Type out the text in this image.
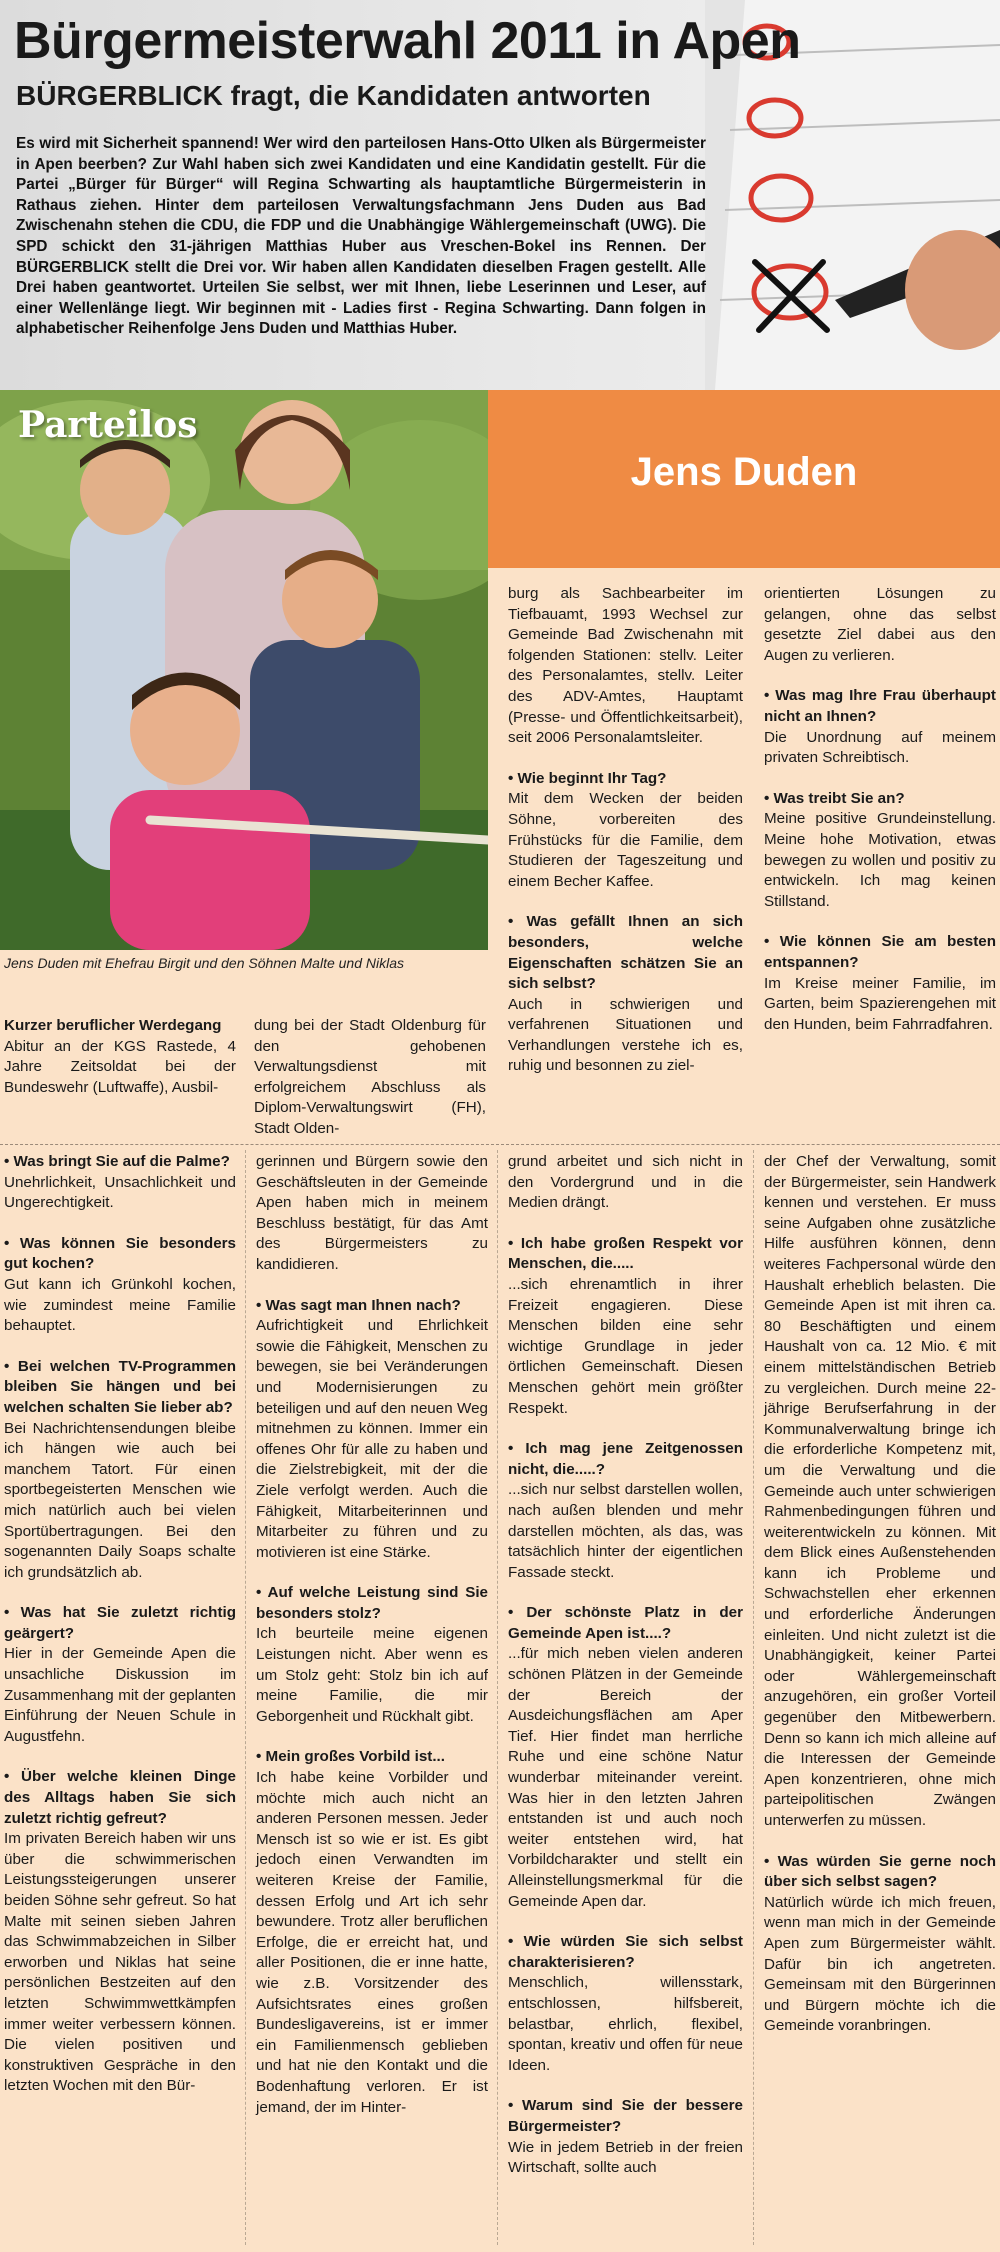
Bürgermeisterwahl 2011 in Apen
BÜRGERBLICK fragt, die Kandidaten antworten
Es wird mit Sicherheit spannend! Wer wird den parteilosen Hans-Otto Ulken als Bürgermeister in Apen beerben? Zur Wahl haben sich zwei Kandidaten und eine Kandidatin gestellt. Für die Partei „Bürger für Bürger“ will Regina Schwarting als hauptamtliche Bürgermeisterin in Rathaus ziehen. Hinter dem parteilosen Verwaltungsfachmann Jens Duden aus Bad Zwischenahn stehen die CDU, die FDP und die Unabhängige Wählergemeinschaft (UWG). Die SPD schickt den 31-jährigen Matthias Huber aus Vreschen-Bokel ins Rennen. Der BÜRGERBLICK stellt die Drei vor. Wir haben allen Kandidaten dieselben Fragen gestellt. Alle Drei haben geantwortet. Urteilen Sie selbst, wer mit Ihnen, liebe Leserinnen und Leser, auf einer Wellenlänge liegt. Wir beginnen mit - Ladies first - Regina Schwarting. Dann folgen in alphabetischer Reihenfolge Jens Duden und Matthias Huber.
Parteilos
Jens Duden mit Ehefrau Birgit und den Söhnen Malte und Niklas
Jens Duden

Kurzer beruflicher Werdegang
Abitur an der KGS Rastede, 4 Jahre Zeitsoldat bei der Bundeswehr (Luftwaffe), Ausbil-

dung bei der Stadt Oldenburg für den gehobenen Verwaltungsdienst mit erfolgreichem Abschluss als Diplom-Verwaltungswirt (FH), Stadt Olden-

burg als Sachbearbeiter im Tiefbauamt, 1993 Wechsel zur Gemeinde Bad Zwischenahn mit folgenden Stationen: stellv. Leiter des Personalamtes, stellv. Leiter des ADV-Amtes, Hauptamt (Presse- und Öffentlichkeitsarbeit), seit 2006 Personalamtsleiter.

• Wie beginnt Ihr Tag?
Mit dem Wecken der beiden Söhne, vorbereiten des Frühstücks für die Familie, dem Studieren der Tageszeitung und einem Becher Kaffee.

• Was gefällt Ihnen an sich besonders, welche Eigenschaften schätzen Sie an sich selbst?
Auch in schwierigen und verfahrenen Situationen und Verhandlungen verstehe ich es, ruhig und besonnen zu ziel-

orientierten Lösungen zu gelangen, ohne das selbst gesetzte Ziel dabei aus den Augen zu verlieren.

• Was mag Ihre Frau überhaupt nicht an Ihnen?
Die Unordnung auf meinem privaten Schreibtisch.

• Was treibt Sie an?
Meine positive Grundeinstellung. Meine hohe Motivation, etwas bewegen zu wollen und positiv zu entwickeln. Ich mag keinen Stillstand.

• Wie können Sie am besten entspannen?
Im Kreise meiner Familie, im Garten, beim Spazierengehen mit den Hunden, beim Fahrradfahren.

• Was bringt Sie auf die Palme?
Unehrlichkeit, Unsachlichkeit und Ungerechtigkeit.

• Was können Sie besonders gut kochen?
Gut kann ich Grünkohl kochen, wie zumindest meine Familie behauptet.

• Bei welchen TV-Programmen bleiben Sie hängen und bei welchen schalten Sie lieber ab?
Bei Nachrichtensendungen bleibe ich hängen wie auch bei manchem Tatort. Für einen sportbegeisterten Menschen wie mich natürlich auch bei vielen Sportübertragungen. Bei den sogenannten Daily Soaps schalte ich grundsätzlich ab.

• Was hat Sie zuletzt richtig geärgert?
Hier in der Gemeinde Apen die unsachliche Diskussion im Zusammenhang mit der geplanten Einführung der Neuen Schule in Augustfehn.

• Über welche kleinen Dinge des Alltags haben Sie sich zuletzt richtig gefreut?
Im privaten Bereich haben wir uns über die schwimmerischen Leistungssteigerungen unserer beiden Söhne sehr gefreut. So hat Malte mit seinen sieben Jahren das Schwimmabzeichen in Silber erworben und Niklas hat seine persönlichen Bestzeiten auf den letzten Schwimmwettkämpfen immer weiter verbessern können. Die vielen positiven und konstruktiven Gespräche in den letzten Wochen mit den Bür-

gerinnen und Bürgern sowie den Geschäftsleuten in der Gemeinde Apen haben mich in meinem Beschluss bestätigt, für das Amt des Bürgermeisters zu kandidieren.

• Was sagt man Ihnen nach?
Aufrichtigkeit und Ehrlichkeit sowie die Fähigkeit, Menschen zu bewegen, sie bei Veränderungen und Modernisierungen zu beteiligen und auf den neuen Weg mitnehmen zu können. Immer ein offenes Ohr für alle zu haben und die Zielstrebigkeit, mit der die Ziele verfolgt werden. Auch die Fähigkeit, Mitarbeiterinnen und Mitarbeiter zu führen und zu motivieren ist eine Stärke.

• Auf welche Leistung sind Sie besonders stolz?
Ich beurteile meine eigenen Leistungen nicht. Aber wenn es um Stolz geht: Stolz bin ich auf meine Familie, die mir Geborgenheit und Rückhalt gibt.

• Mein großes Vorbild ist...
Ich habe keine Vorbilder und möchte mich auch nicht an anderen Personen messen. Jeder Mensch ist so wie er ist. Es gibt jedoch einen Verwandten im weiteren Kreise der Familie, dessen Erfolg und Art ich sehr bewundere. Trotz aller beruflichen Erfolge, die er erreicht hat, und aller Positionen, die er inne hatte, wie z.B. Vorsitzender des Aufsichtsrates eines großen Bundesligavereins, ist er immer ein Familienmensch geblieben und hat nie den Kontakt und die Bodenhaftung verloren. Er ist jemand, der im Hinter-

grund arbeitet und sich nicht in den Vordergrund und in die Medien drängt.

• Ich habe großen Respekt vor Menschen, die.....
...sich ehrenamtlich in ihrer Freizeit engagieren. Diese Menschen bilden eine sehr wichtige Grundlage in jeder örtlichen Gemeinschaft. Diesen Menschen gehört mein größter Respekt.

• Ich mag jene Zeitgenossen nicht, die.....?
...sich nur selbst darstellen wollen, nach außen blenden und mehr darstellen möchten, als das, was tatsächlich hinter der eigentlichen Fassade steckt.

• Der schönste Platz in der Gemeinde Apen ist....?
...für mich neben vielen anderen schönen Plätzen in der Gemeinde der Bereich der Ausdeichungsflächen am Aper Tief. Hier findet man herrliche Ruhe und eine schöne Natur wunderbar miteinander vereint. Was hier in den letzten Jahren entstanden ist und auch noch weiter entstehen wird, hat Vorbildcharakter und stellt ein Alleinstellungsmerkmal für die Gemeinde Apen dar.

• Wie würden Sie sich selbst charakterisieren?
Menschlich, willensstark, entschlossen, hilfsbereit, belastbar, ehrlich, flexibel, spontan, kreativ und offen für neue Ideen.

• Warum sind Sie der bessere Bürgermeister?
Wie in jedem Betrieb in der freien Wirtschaft, sollte auch

der Chef der Verwaltung, somit der Bürgermeister, sein Handwerk kennen und verstehen. Er muss seine Aufgaben ohne zusätzliche Hilfe ausführen können, denn weiteres Fachpersonal würde den Haushalt erheblich belasten. Die Gemeinde Apen ist mit ihren ca. 80 Beschäftigten und einem Haushalt von ca. 12 Mio. € mit einem mittelständischen Betrieb zu vergleichen. Durch meine 22-jährige Berufserfahrung in der Kommunalverwaltung bringe ich die erforderliche Kompetenz mit, um die Verwaltung und die Gemeinde auch unter schwierigen Rahmenbedingungen führen und weiterentwickeln zu können. Mit dem Blick eines Außenstehenden kann ich Probleme und Schwachstellen eher erkennen und erforderliche Änderungen einleiten. Und nicht zuletzt ist die Unabhängigkeit, keiner Partei oder Wählergemeinschaft anzugehören, ein großer Vorteil gegenüber den Mitbewerbern. Denn so kann ich mich alleine auf die Interessen der Gemeinde Apen konzentrieren, ohne mich parteipolitischen Zwängen unterwerfen zu müssen.

• Was würden Sie gerne noch über sich selbst sagen?
Natürlich würde ich mich freuen, wenn man mich in der Gemeinde Apen zum Bürgermeister wählt. Dafür bin ich angetreten. Gemeinsam mit den Bürgerinnen und Bürgern möchte ich die Gemeinde voranbringen.
